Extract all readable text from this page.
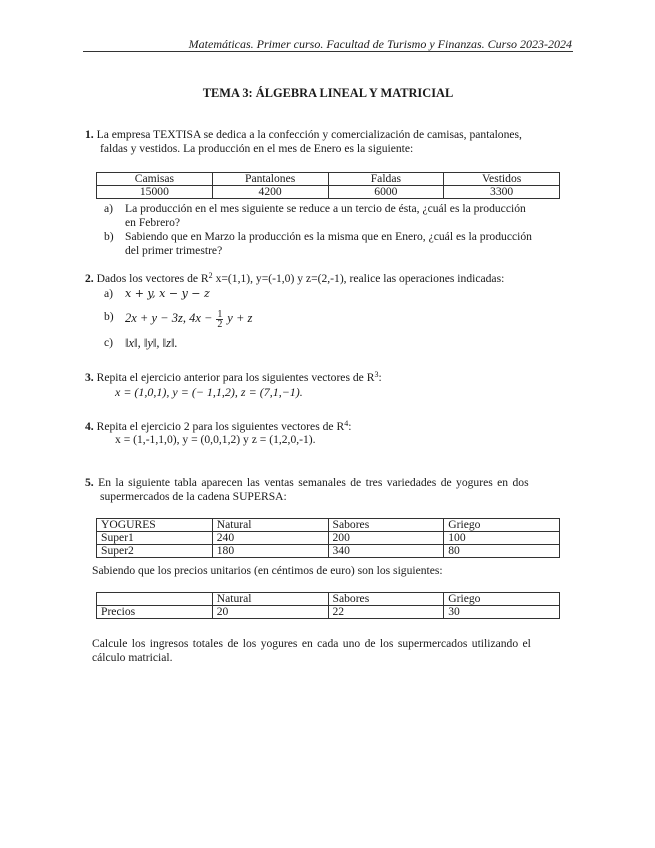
Matemáticas. Primer curso. Facultad de Turismo y Finanzas. Curso 2023-2024
TEMA 3: ÁLGEBRA LINEAL Y MATRICIAL
1. La empresa TEXTISA se dedica a la confección y comercialización de camisas, pantalones,
faldas y vestidos. La producción en el mes de Enero es la siguiente:
Camisas	Pantalones	Faldas	Vestidos
15000	4200	6000	3300
a)	La producción en el mes siguiente se reduce a un tercio de ésta, ¿cuál es la producción
en Febrero?
b) Sabiendo que en Marzo la producción es la misma que en Enero, ¿cuál es la producción
del primer trimestre?
2. Dados los vectores de $R^2$ x=(1,1), y=(-1,0) y z=(2,-1), realice las operaciones indicadas:
a) x + y, x − y − z
b) 2x + y − 3z, $4x - \frac{1}{2}$ y + z
c) ‖x‖, ‖y‖, ‖z‖.
3. Repita el ejercicio anterior para los siguientes vectores de $R^3$:
x = (1,0,1), y = (− 1,1,2), z = (7,1,−1).
4. Repita el ejercicio 2 para los siguientes vectores de $R^4$:
x = (1,-1,1,0), y = (0,0,1,2) y z = (1,2,0,-1).
5. En la siguiente tabla aparecen las ventas semanales de tres variedades de yogures en dos
supermercados de la cadena SUPERSA:
YOGURES	Natural	Sabores	Griego
Super1	240	200	100
Super2	180	340	80
Sabiendo que los precios unitarios (en céntimos de euro) son los siguientes:
	Natural	Sabores	Griego
Precios	20	22	30
Calcule los ingresos totales de los yogures en cada uno de los supermercados utilizando el
cálculo matricial.
